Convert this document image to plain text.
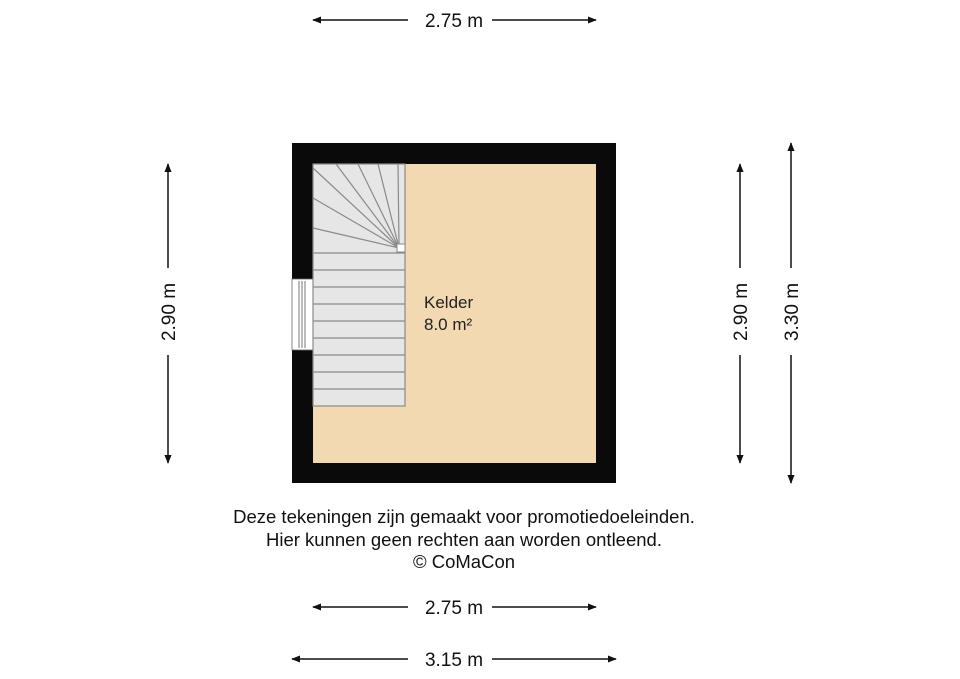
Kelder
8.0 m²
2.75 m
2.90 m	2.90 m 3.30 m
2.75 m
3.15 m
Deze tekeningen zijn gemaakt voor promotiedoeleinden.
Hier kunnen geen rechten aan worden ontleend.
© CoMaCon
